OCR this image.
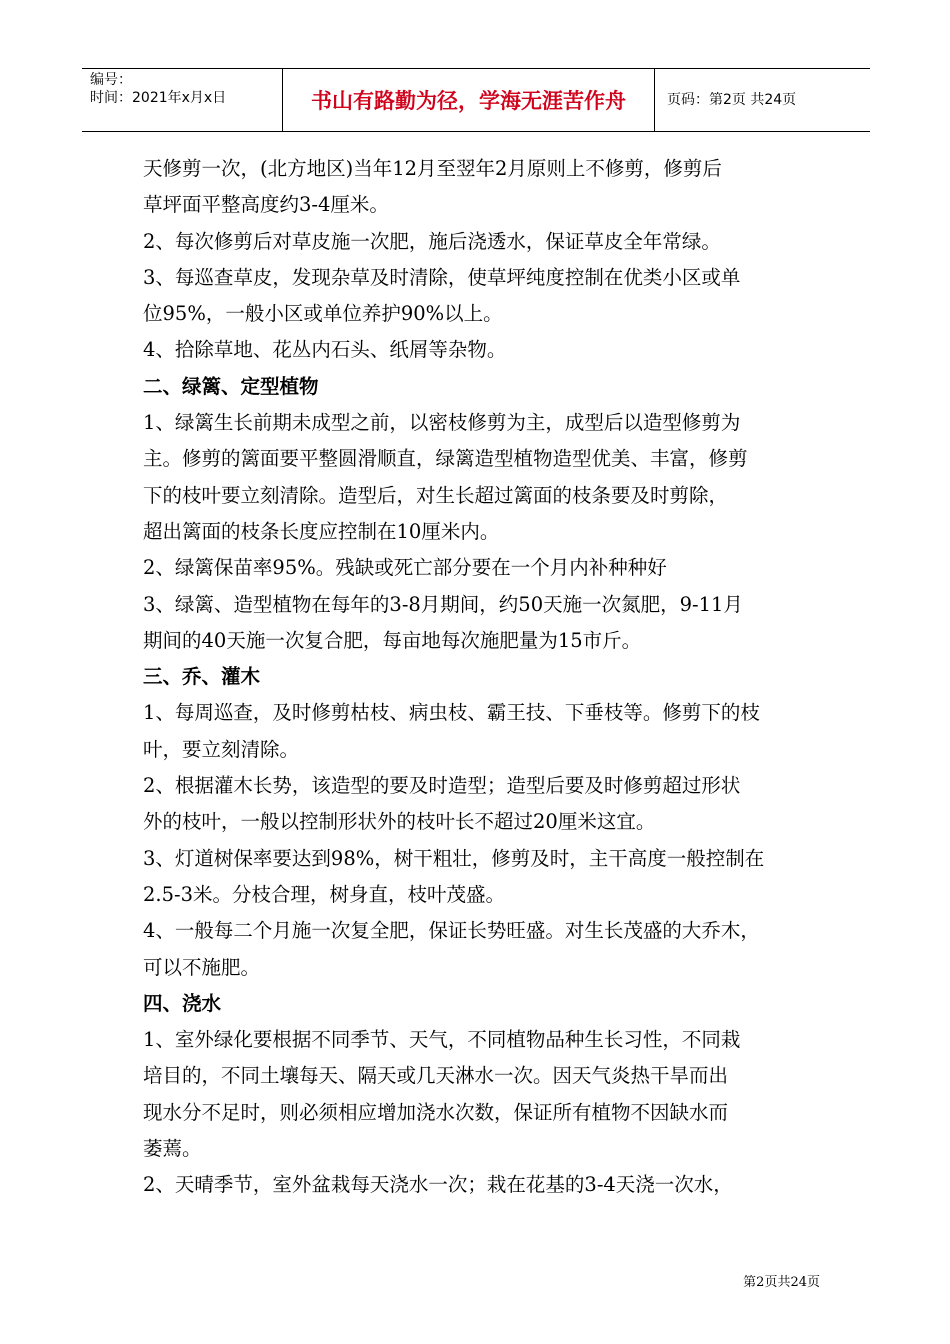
编号：
时间：2021年x月x日	书山有路勤为径，学海无涯苦作舟	页码：第2页 共24页
天修剪一次，(北方地区)当年12月至翌年2月原则上不修剪，修剪后
草坪面平整高度约3-4厘米。
2、每次修剪后对草皮施一次肥，施后浇透水，保证草皮全年常绿。
3、每巡查草皮，发现杂草及时清除，使草坪纯度控制在优类小区或单
位95%，一般小区或单位养护90%以上。
4、拾除草地、花丛内石头、纸屑等杂物。
二、绿篱、定型植物
1、绿篱生长前期未成型之前，以密枝修剪为主，成型后以造型修剪为
主。修剪的篱面要平整圆滑顺直，绿篱造型植物造型优美、丰富，修剪
下的枝叶要立刻清除。造型后，对生长超过篱面的枝条要及时剪除，
超出篱面的枝条长度应控制在10厘米内。
2、绿篱保苗率95%。残缺或死亡部分要在一个月内补种种好
3、绿篱、造型植物在每年的3-8月期间，约50天施一次氮肥，9-11月
期间的40天施一次复合肥，每亩地每次施肥量为15市斤。
三、乔、灌木
1、每周巡查，及时修剪枯枝、病虫枝、霸王技、下垂枝等。修剪下的枝
叶，要立刻清除。
2、根据灌木长势，该造型的要及时造型；造型后要及时修剪超过形状
外的枝叶，一般以控制形状外的枝叶长不超过20厘米这宜。
3、灯道树保率要达到98%，树干粗壮，修剪及时，主干高度一般控制在
2.5-3米。分枝合理，树身直，枝叶茂盛。
4、一般每二个月施一次复全肥，保证长势旺盛。对生长茂盛的大乔木，
可以不施肥。
四、浇水
1、室外绿化要根据不同季节、天气，不同植物品种生长习性，不同栽
培目的，不同土壤每天、隔天或几天淋水一次。因天气炎热干旱而出
现水分不足时，则必须相应增加浇水次数，保证所有植物不因缺水而
萎蔫。
2、天晴季节，室外盆栽每天浇水一次；栽在花基的3-4天浇一次水，
第2页共24页
